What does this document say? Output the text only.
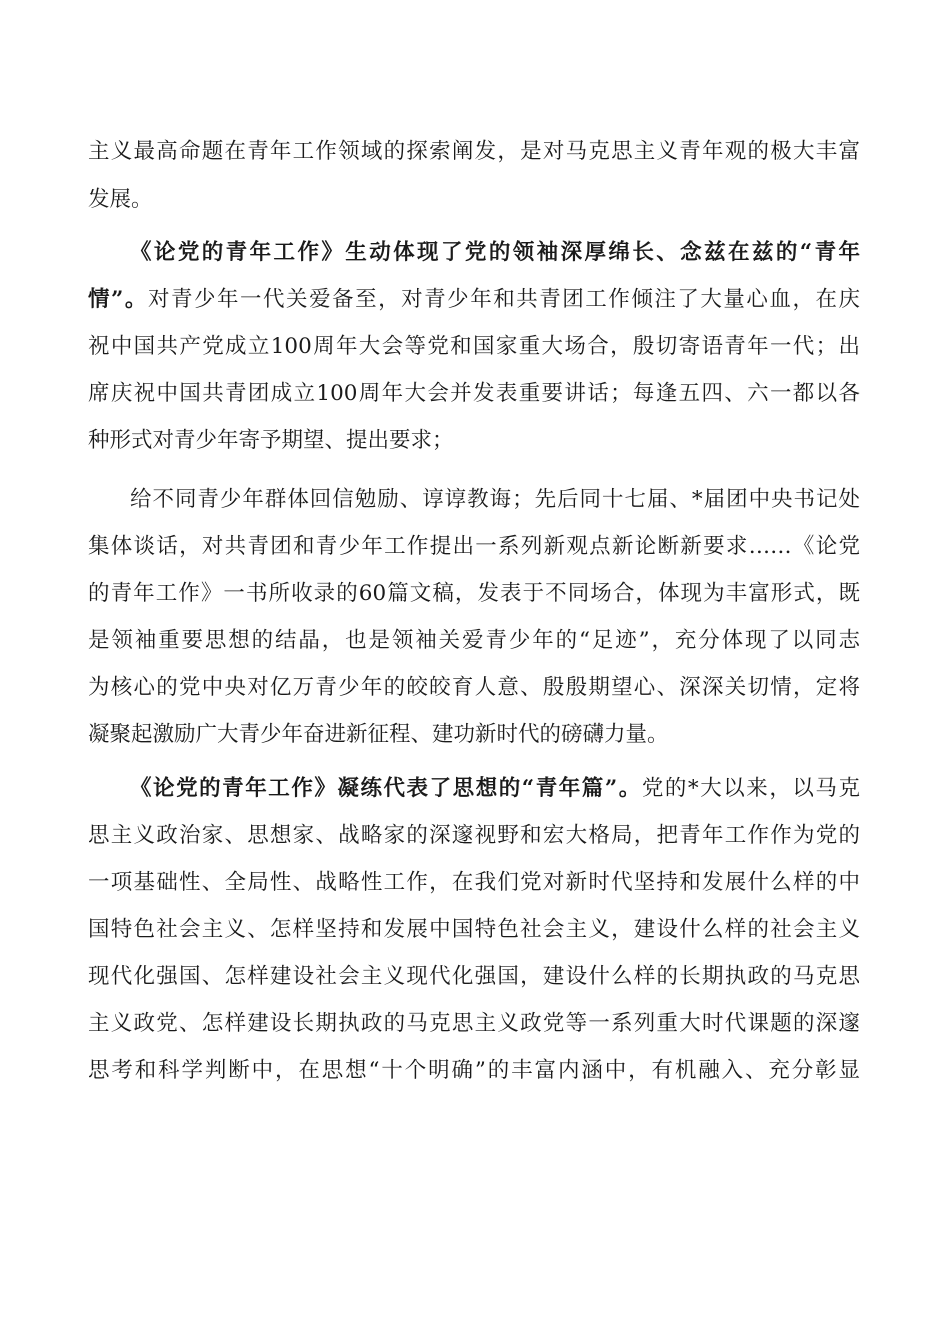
主义最高命题在青年工作领域的探索阐发，是对马克思主义青年观的极大丰富
发展。
《论党的青年工作》生动体现了党的领袖深厚绵长、念兹在兹的“青年
情”。对青少年一代关爱备至，对青少年和共青团工作倾注了大量心血，在庆
祝中国共产党成立100周年大会等党和国家重大场合，殷切寄语青年一代；出
席庆祝中国共青团成立100周年大会并发表重要讲话；每逢五四、六一都以各
种形式对青少年寄予期望、提出要求；
给不同青少年群体回信勉励、谆谆教诲；先后同十七届、*届团中央书记处
集体谈话，对共青团和青少年工作提出一系列新观点新论断新要求……《论党
的青年工作》一书所收录的60篇文稿，发表于不同场合，体现为丰富形式，既
是领袖重要思想的结晶，也是领袖关爱青少年的“足迹”，充分体现了以同志
为核心的党中央对亿万青少年的皎皎育人意、殷殷期望心、深深关切情，定将
凝聚起激励广大青少年奋进新征程、建功新时代的磅礴力量。
《论党的青年工作》凝练代表了思想的“青年篇”。党的*大以来，以马克
思主义政治家、思想家、战略家的深邃视野和宏大格局，把青年工作作为党的
一项基础性、全局性、战略性工作，在我们党对新时代坚持和发展什么样的中
国特色社会主义、怎样坚持和发展中国特色社会主义，建设什么样的社会主义
现代化强国、怎样建设社会主义现代化强国，建设什么样的长期执政的马克思
主义政党、怎样建设长期执政的马克思主义政党等一系列重大时代课题的深邃
思考和科学判断中，在思想“十个明确”的丰富内涵中，有机融入、充分彰显
